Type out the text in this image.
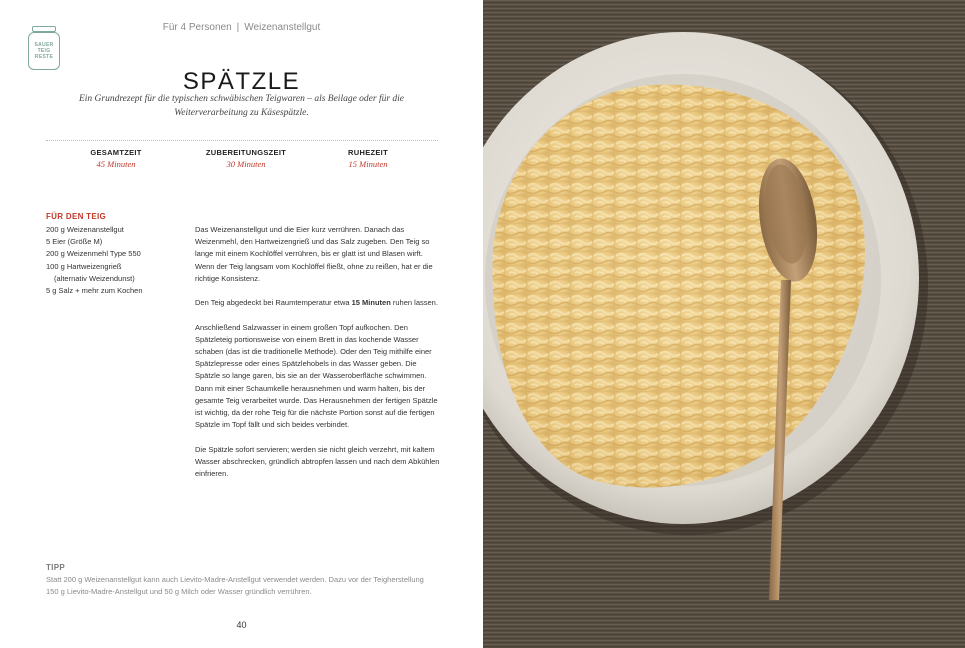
SAUER
TEIG
RESTE
Für 4 Personen | Weizenanstellgut
SPÄTZLE
Ein Grundrezept für die typischen schwäbischen Teigwaren – als Beilage oder für die Weiterverarbeitung zu Käsespätzle.
GESAMTZEIT
45 Minuten
ZUBEREITUNGSZEIT
30 Minuten
RUHEZEIT
15 Minuten
FÜR DEN TEIG
200 g Weizenanstellgut
5 Eier (Größe M)
200 g Weizenmehl Type 550
100 g Hartweizengrieß
(alternativ Weizendunst)
5 g Salz + mehr zum Kochen

Das Weizenanstellgut und die Eier kurz verrühren. Danach das Weizenmehl, den Hartweizengrieß und das Salz zugeben. Den Teig so lange mit einem Kochlöffel verrühren, bis er glatt ist und Blasen wirft. Wenn der Teig langsam vom Kochlöffel fließt, ohne zu reißen, hat er die richtige Konsistenz.

Den Teig abgedeckt bei Raumtemperatur etwa 15 Minuten ruhen lassen.

Anschließend Salzwasser in einem großen Topf aufkochen. Den Spätzleteig portionsweise von einem Brett in das kochende Wasser schaben (das ist die traditionelle Methode). Oder den Teig mithilfe einer Spätzlepresse oder eines Spätzlehobels in das Wasser geben. Die Spätzle so lange garen, bis sie an der Wasseroberfläche schwimmen. Dann mit einer Schaumkelle herausnehmen und warm halten, bis der gesamte Teig verarbeitet wurde. Das Herausnehmen der fertigen Spätzle ist wichtig, da der rohe Teig für die nächste Portion sonst auf die fertigen Spätzle im Topf fällt und sich beides verbindet.

Die Spätzle sofort servieren; werden sie nicht gleich verzehrt, mit kaltem Wasser abschrecken, gründlich abtropfen lassen und nach dem Abkühlen einfrieren.

TIPP
Statt 200 g Weizenanstellgut kann auch Lievito-Madre-Anstellgut verwendet werden. Dazu vor der Teigherstellung 150 g Lievito-Madre-Anstellgut und 50 g Milch oder Wasser gründlich verrühren.
40
